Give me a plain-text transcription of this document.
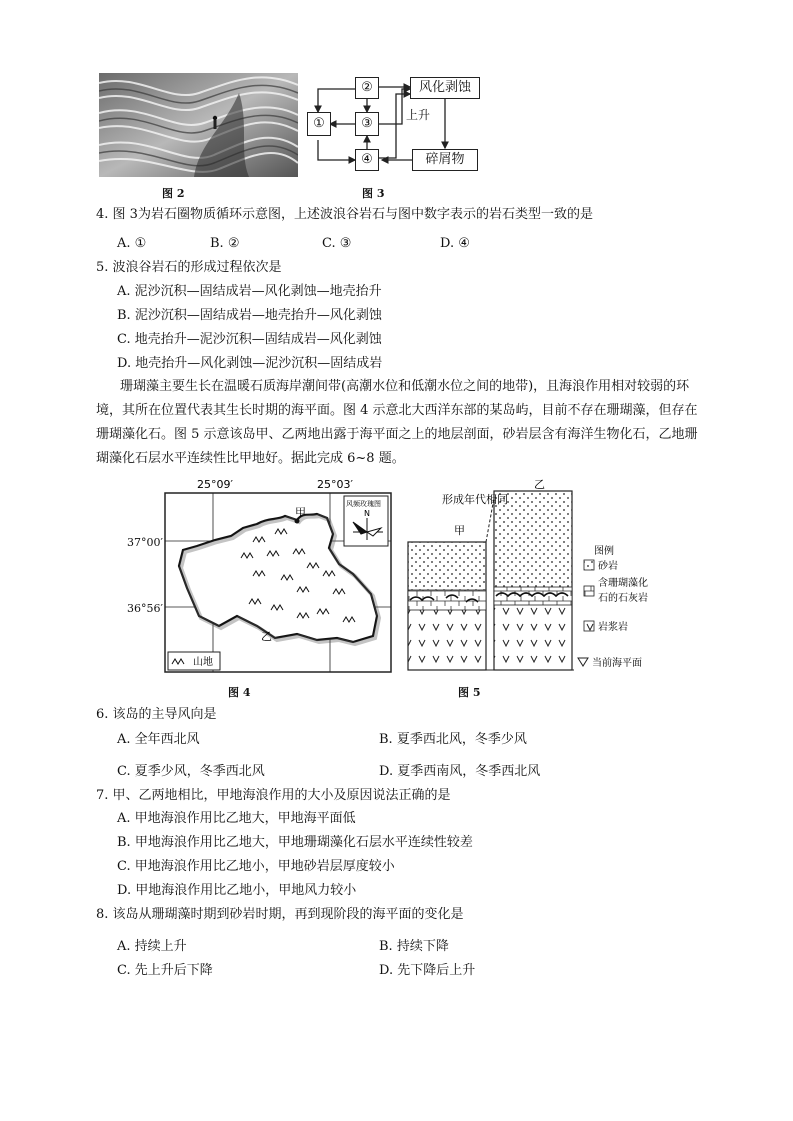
图 2
①
②
③
④
风化剥蚀
碎屑物
上升
图 3
4. 图 3为岩石圈物质循环示意图，上述波浪谷岩石与图中数字表示的岩石类型一致的是
A. ①	B. ②	C. ③	D. ④
5. 波浪谷岩石的形成过程依次是
A. 泥沙沉积—固结成岩—风化剥蚀—地壳抬升
B. 泥沙沉积—固结成岩—地壳抬升—风化剥蚀
C. 地壳抬升—泥沙沉积—固结成岩—风化剥蚀
D. 地壳抬升—风化剥蚀—泥沙沉积—固结成岩
珊瑚藻主要生长在温暖石质海岸潮间带(高潮水位和低潮水位之间的地带)，且海浪作用相对较弱的环境，其所在位置代表其生长时期的海平面。图 4 示意北大西洋东部的某岛屿，目前不存在珊瑚藻，但存在珊瑚藻化石。图 5 示意该岛甲、乙两地出露于海平面之上的地层剖面，砂岩层含有海洋生物化石，乙地珊瑚藻化石层水平连续性比甲地好。据此完成 6~8 题。
25°09′	25°03′
甲
乙
风频玫瑰图
N
山地
37°00′
36°56′
图 4
甲
乙
形成年代相同
图例
砂岩
含珊瑚藻化
石的石灰岩
岩浆岩
当前海平面
图 5
6. 该岛的主导风向是
A. 全年西北风	B. 夏季西北风，冬季少风
C. 夏季少风，冬季西北风	D. 夏季西南风，冬季西北风
7. 甲、乙两地相比，甲地海浪作用的大小及原因说法正确的是
A. 甲地海浪作用比乙地大，甲地海平面低
B. 甲地海浪作用比乙地大，甲地珊瑚藻化石层水平连续性较差
C. 甲地海浪作用比乙地小，甲地砂岩层厚度较小
D. 甲地海浪作用比乙地小，甲地风力较小
8. 该岛从珊瑚藻时期到砂岩时期，再到现阶段的海平面的变化是
A. 持续上升	B. 持续下降
C. 先上升后下降	D. 先下降后上升
